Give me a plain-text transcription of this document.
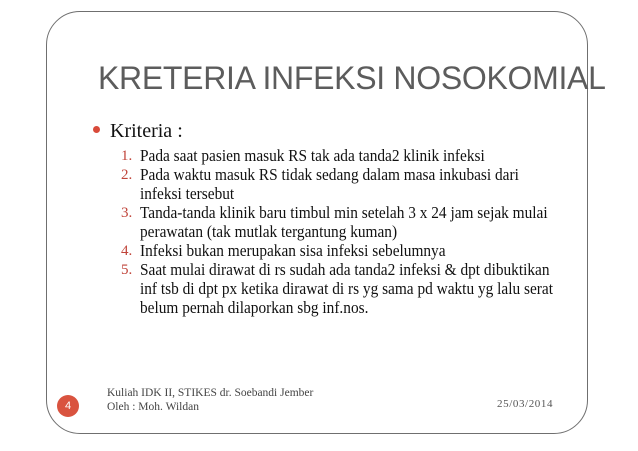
KRETERIA INFEKSI NOSOKOMIAL
Kriteria :
1. Pada saat pasien masuk RS tak ada tanda2 klinik infeksi
2. Pada waktu masuk RS tidak sedang dalam masa inkubasi dari infeksi tersebut
3. Tanda-tanda klinik baru timbul min setelah 3 x 24 jam sejak mulai perawatan (tak mutlak tergantung kuman)
4. Infeksi bukan merupakan sisa infeksi sebelumnya
5. Saat mulai dirawat di rs sudah ada tanda2 infeksi & dpt dibuktikan inf tsb di dpt px ketika dirawat di rs yg sama pd waktu yg lalu serat belum pernah dilaporkan sbg inf.nos.
4
Kuliah IDK II, STIKES dr. Soebandi Jember
Oleh : Moh. Wildan	25/03/2014
